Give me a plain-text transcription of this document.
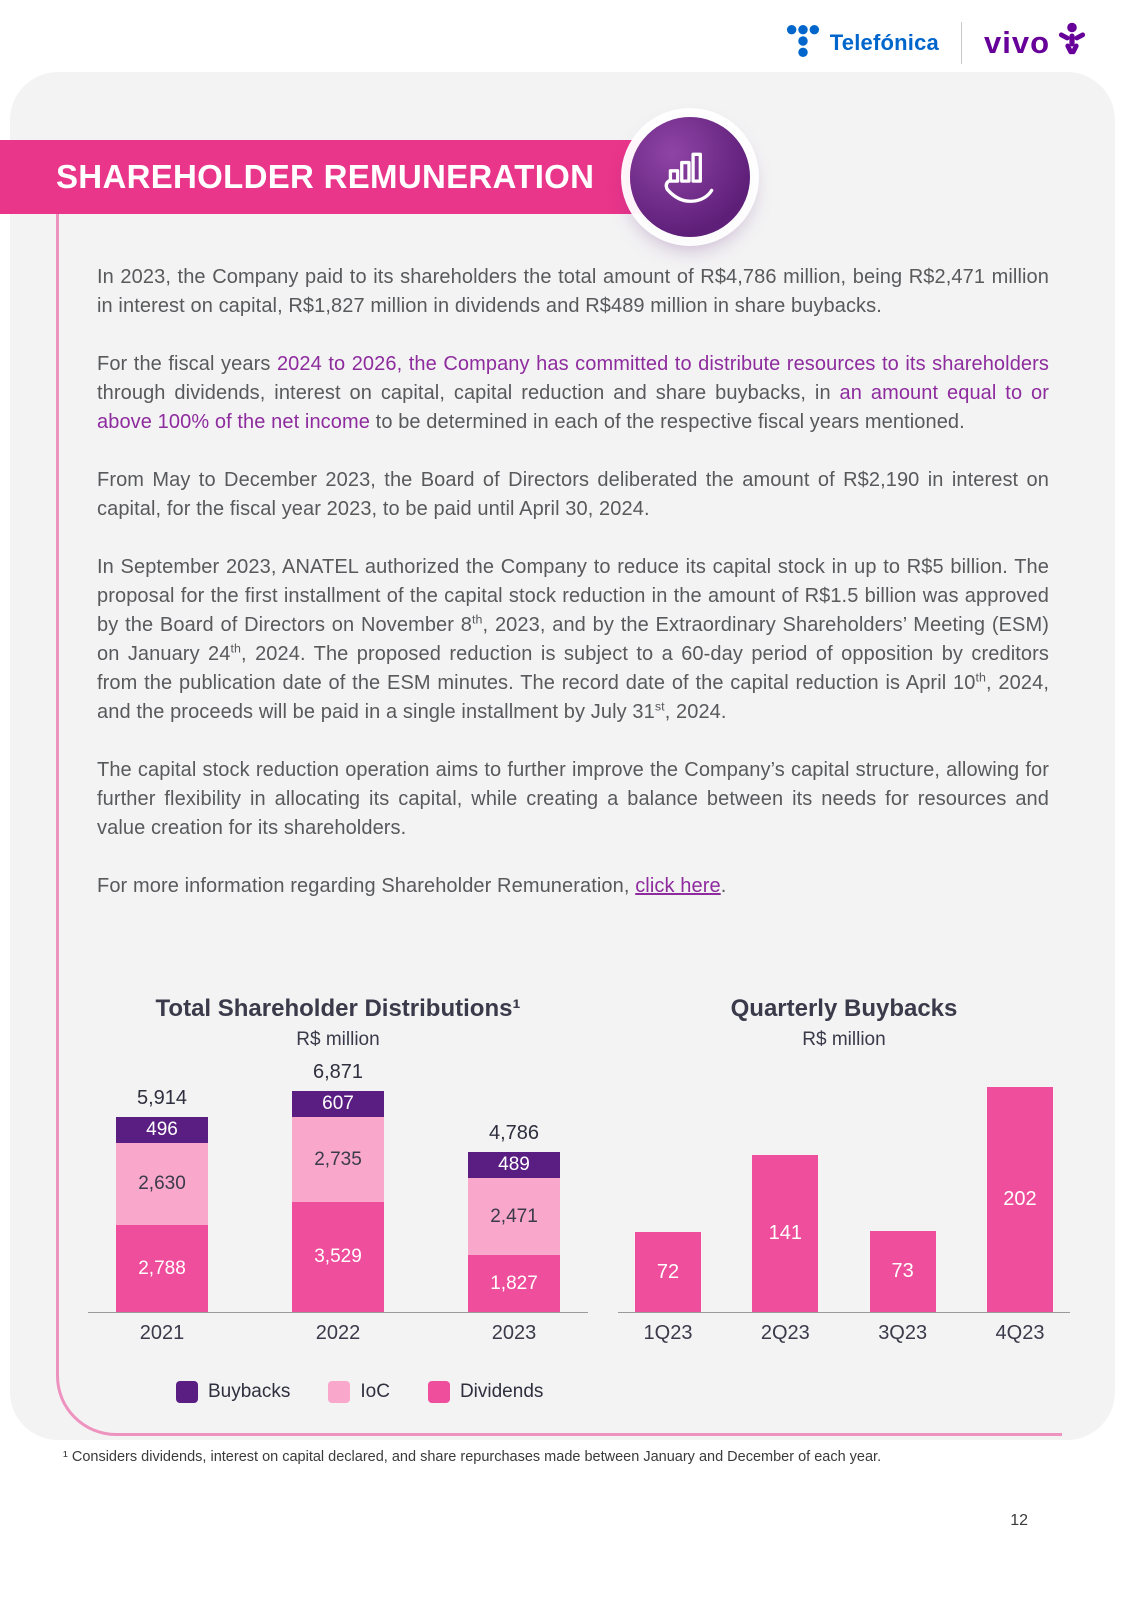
Telefónica vivo
SHAREHOLDER REMUNERATION

In 2023, the Company paid to its shareholders the total amount of R$4,786 million, being R$2,471 million in interest on capital, R$1,827 million in dividends and R$489 million in share buybacks.

For the fiscal years 2024 to 2026, the Company has committed to distribute resources to its shareholders through dividends, interest on capital, capital reduction and share buybacks, in an amount equal to or above 100% of the net income to be determined in each of the respective fiscal years mentioned.

From May to December 2023, the Board of Directors deliberated the amount of R$2,190 in interest on capital, for the fiscal year 2023, to be paid until April 30, 2024.

In September 2023, ANATEL authorized the Company to reduce its capital stock in up to R$5 billion. The proposal for the first installment of the capital stock reduction in the amount of R$1.5 billion was approved by the Board of Directors on November 8th, 2023, and by the Extraordinary Shareholders’ Meeting (ESM) on January 24th, 2024. The proposed reduction is subject to a 60-day period of opposition by creditors from the publication date of the ESM minutes. The record date of the capital reduction is April 10th, 2024, and the proceeds will be paid in a single installment by July 31st, 2024.

The capital stock reduction operation aims to further improve the Company’s capital structure, allowing for further flexibility in allocating its capital, while creating a balance between its needs for resources and value creation for its shareholders.

For more information regarding Shareholder Remuneration, click here.

Total Shareholder Distributions¹
R$ million
5,914
496
2,630
2,788
6,871
607
2,735
3,529
4,786
489
2,471
1,827
2021	2022	2023
Quarterly Buybacks
R$ million
72
141
73
202
1Q23	2Q23	3Q23	4Q23
Buybacks	IoC	Dividends
¹ Considers dividends, interest on capital declared, and share repurchases made between January and December of each year.
12
